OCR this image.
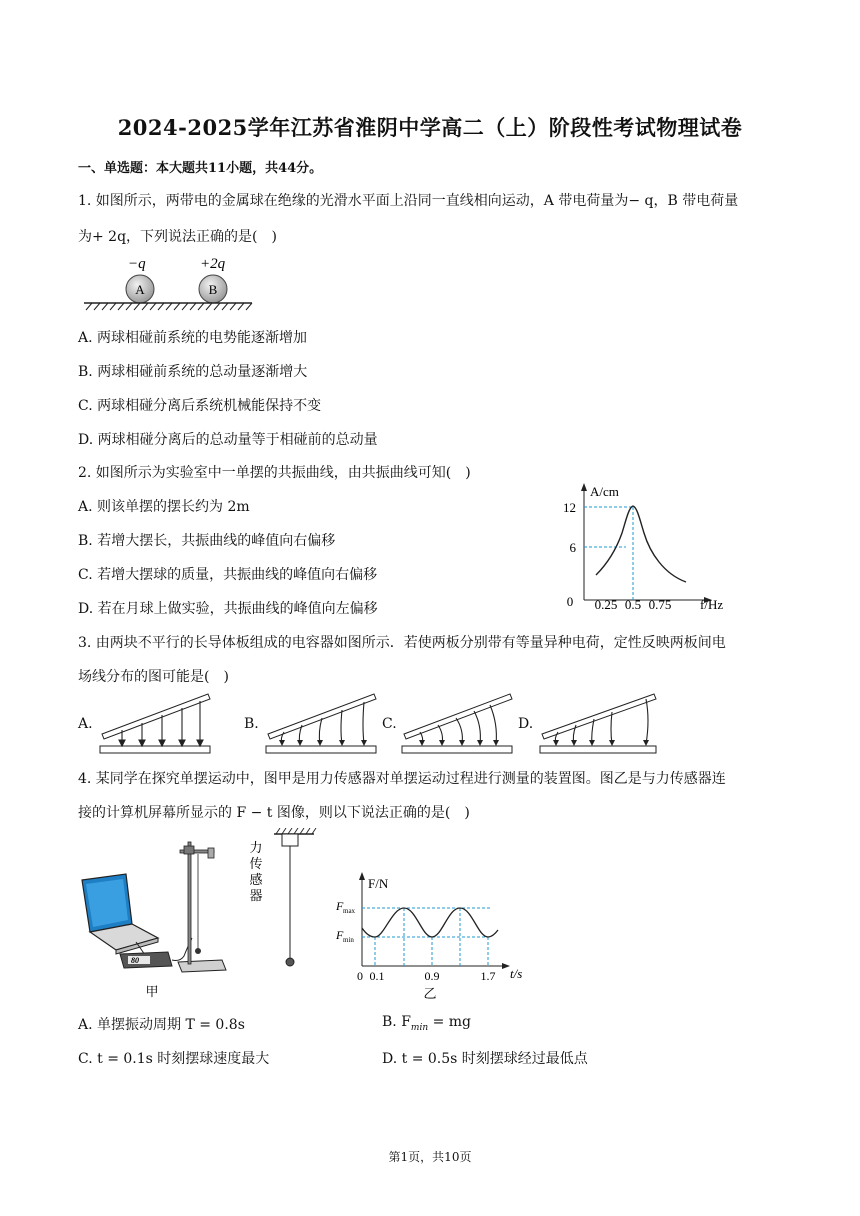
2024-2025学年江苏省淮阴中学高二（上）阶段性考试物理试卷
一、单选题：本大题共11小题，共44分。
1. 如图所示，两带电的金属球在绝缘的光滑水平面上沿同一直线相向运动，A 带电荷量为− q，B 带电荷量
为+ 2q，下列说法正确的是(　)
−q	+2q
A	B
A. 两球相碰前系统的电势能逐渐增加
B. 两球相碰前系统的总动量逐渐增大
C. 两球相碰分离后系统机械能保持不变
D. 两球相碰分离后的总动量等于相碰前的总动量
2. 如图所示为实验室中一单摆的共振曲线，由共振曲线可知(　)
A. 则该单摆的摆长约为 2m
B. 若增大摆长，共振曲线的峰值向右偏移
C. 若增大摆球的质量，共振曲线的峰值向右偏移
D. 若在月球上做实验，共振曲线的峰值向左偏移
A/cm
f/Hz
12
6
0 0.25 0.5 0.75
3. 由两块不平行的长导体板组成的电容器如图所示．若使两板分别带有等量异种电荷，定性反映两板间电
场线分布的图可能是(　)
A.	B.	C.	D.
4. 某同学在探究单摆运动中，图甲是用力传感器对单摆运动过程进行测量的装置图。图乙是与力传感器连
接的计算机屏幕所显示的 F − t 图像，则以下说法正确的是(　)
80
甲
力
传
感
器
F/N
t/s
F max
F min
0 0.1	0.9	1.7
乙
A. 单摆振动周期 T = 0.8s	B. $F_{min}$ = mg
C. t = 0.1s 时刻摆球速度最大	D. t = 0.5s 时刻摆球经过最低点
第1页，共10页
